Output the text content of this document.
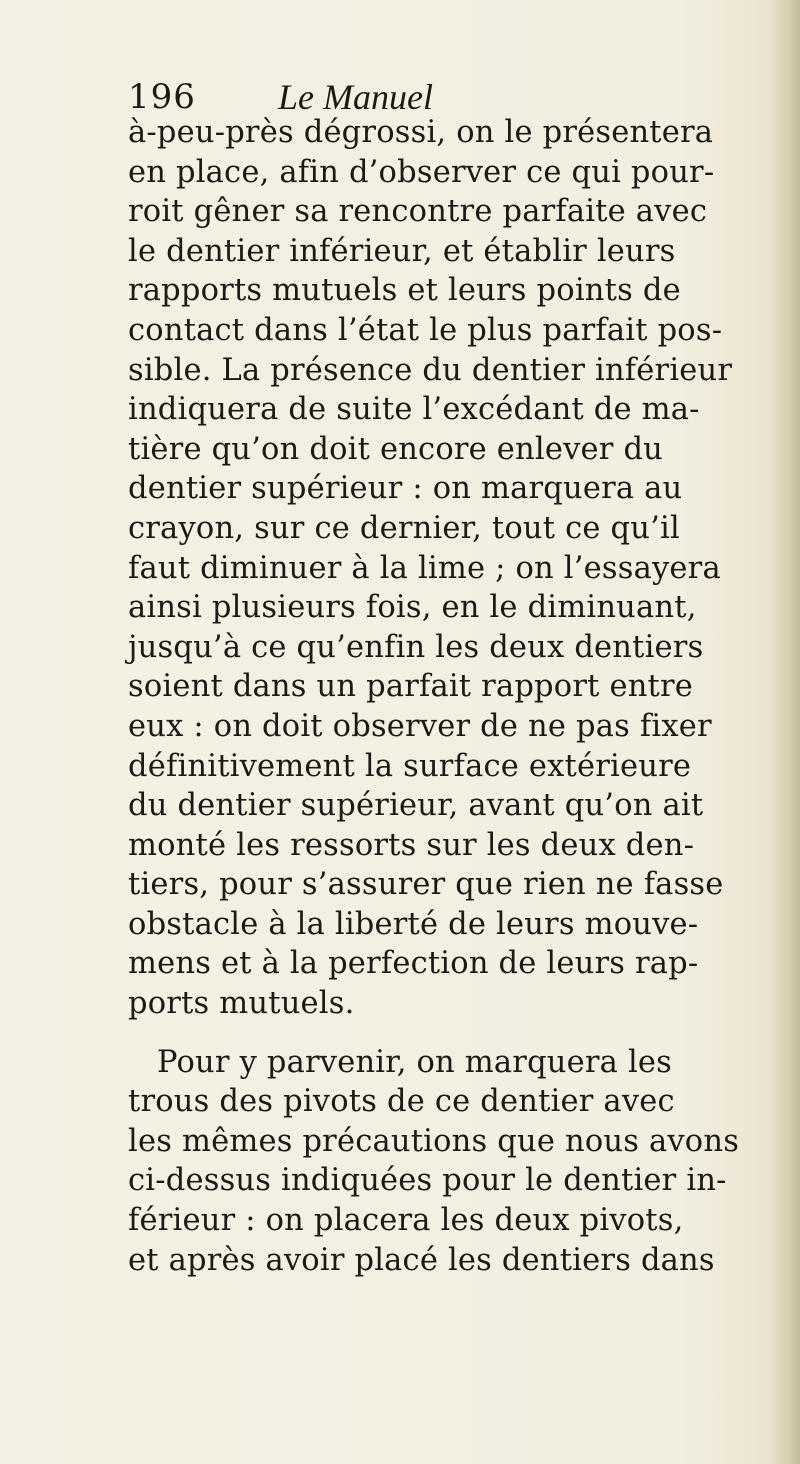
196 Le Manuel
à-peu-près dégrossi, on le présentera
en place, afin d’observer ce qui pour-
roit gêner sa rencontre parfaite avec
le dentier inférieur, et établir leurs
rapports mutuels et leurs points de
contact dans l’état le plus parfait pos-
sible. La présence du dentier inférieur
indiquera de suite l’excédant de ma-
tière qu’on doit encore enlever du
dentier supérieur : on marquera au
crayon, sur ce dernier, tout ce qu’il
faut diminuer à la lime ; on l’essayera
ainsi plusieurs fois, en le diminuant,
jusqu’à ce qu’enfin les deux dentiers
soient dans un parfait rapport entre
eux : on doit observer de ne pas fixer
définitivement la surface extérieure
du dentier supérieur, avant qu’on ait
monté les ressorts sur les deux den-
tiers, pour s’assurer que rien ne fasse
obstacle à la liberté de leurs mouve-
mens et à la perfection de leurs rap-
ports mutuels.
Pour y parvenir, on marquera les
trous des pivots de ce dentier avec
les mêmes précautions que nous avons
ci-dessus indiquées pour le dentier in-
férieur : on placera les deux pivots,
et après avoir placé les dentiers dans
